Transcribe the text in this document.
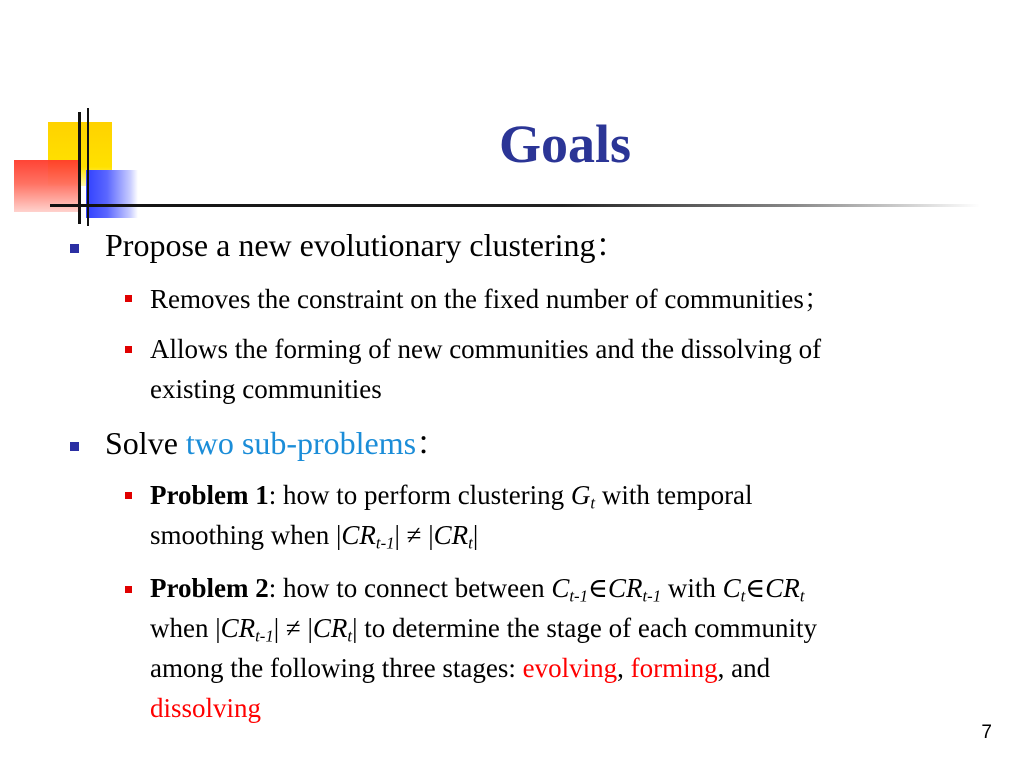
Goals
Propose a new evolutionary clustering：
Removes the constraint on the fixed number of communities；
Allows the forming of new communities and the dissolving of
existing communities
Solve two sub-problems：
Problem 1: how to perform clustering $G_t$ with temporal
smoothing when $|CR_{t-1}| \ne |CR_t|$
Problem 2: how to connect between $C_{t-1}\in CR_{t-1}$ with $C_t\in CR_t$
when $|CR_{t-1}| \ne |CR_t|$ to determine the stage of each community
among the following three stages: evolving, forming, and
dissolving
7
